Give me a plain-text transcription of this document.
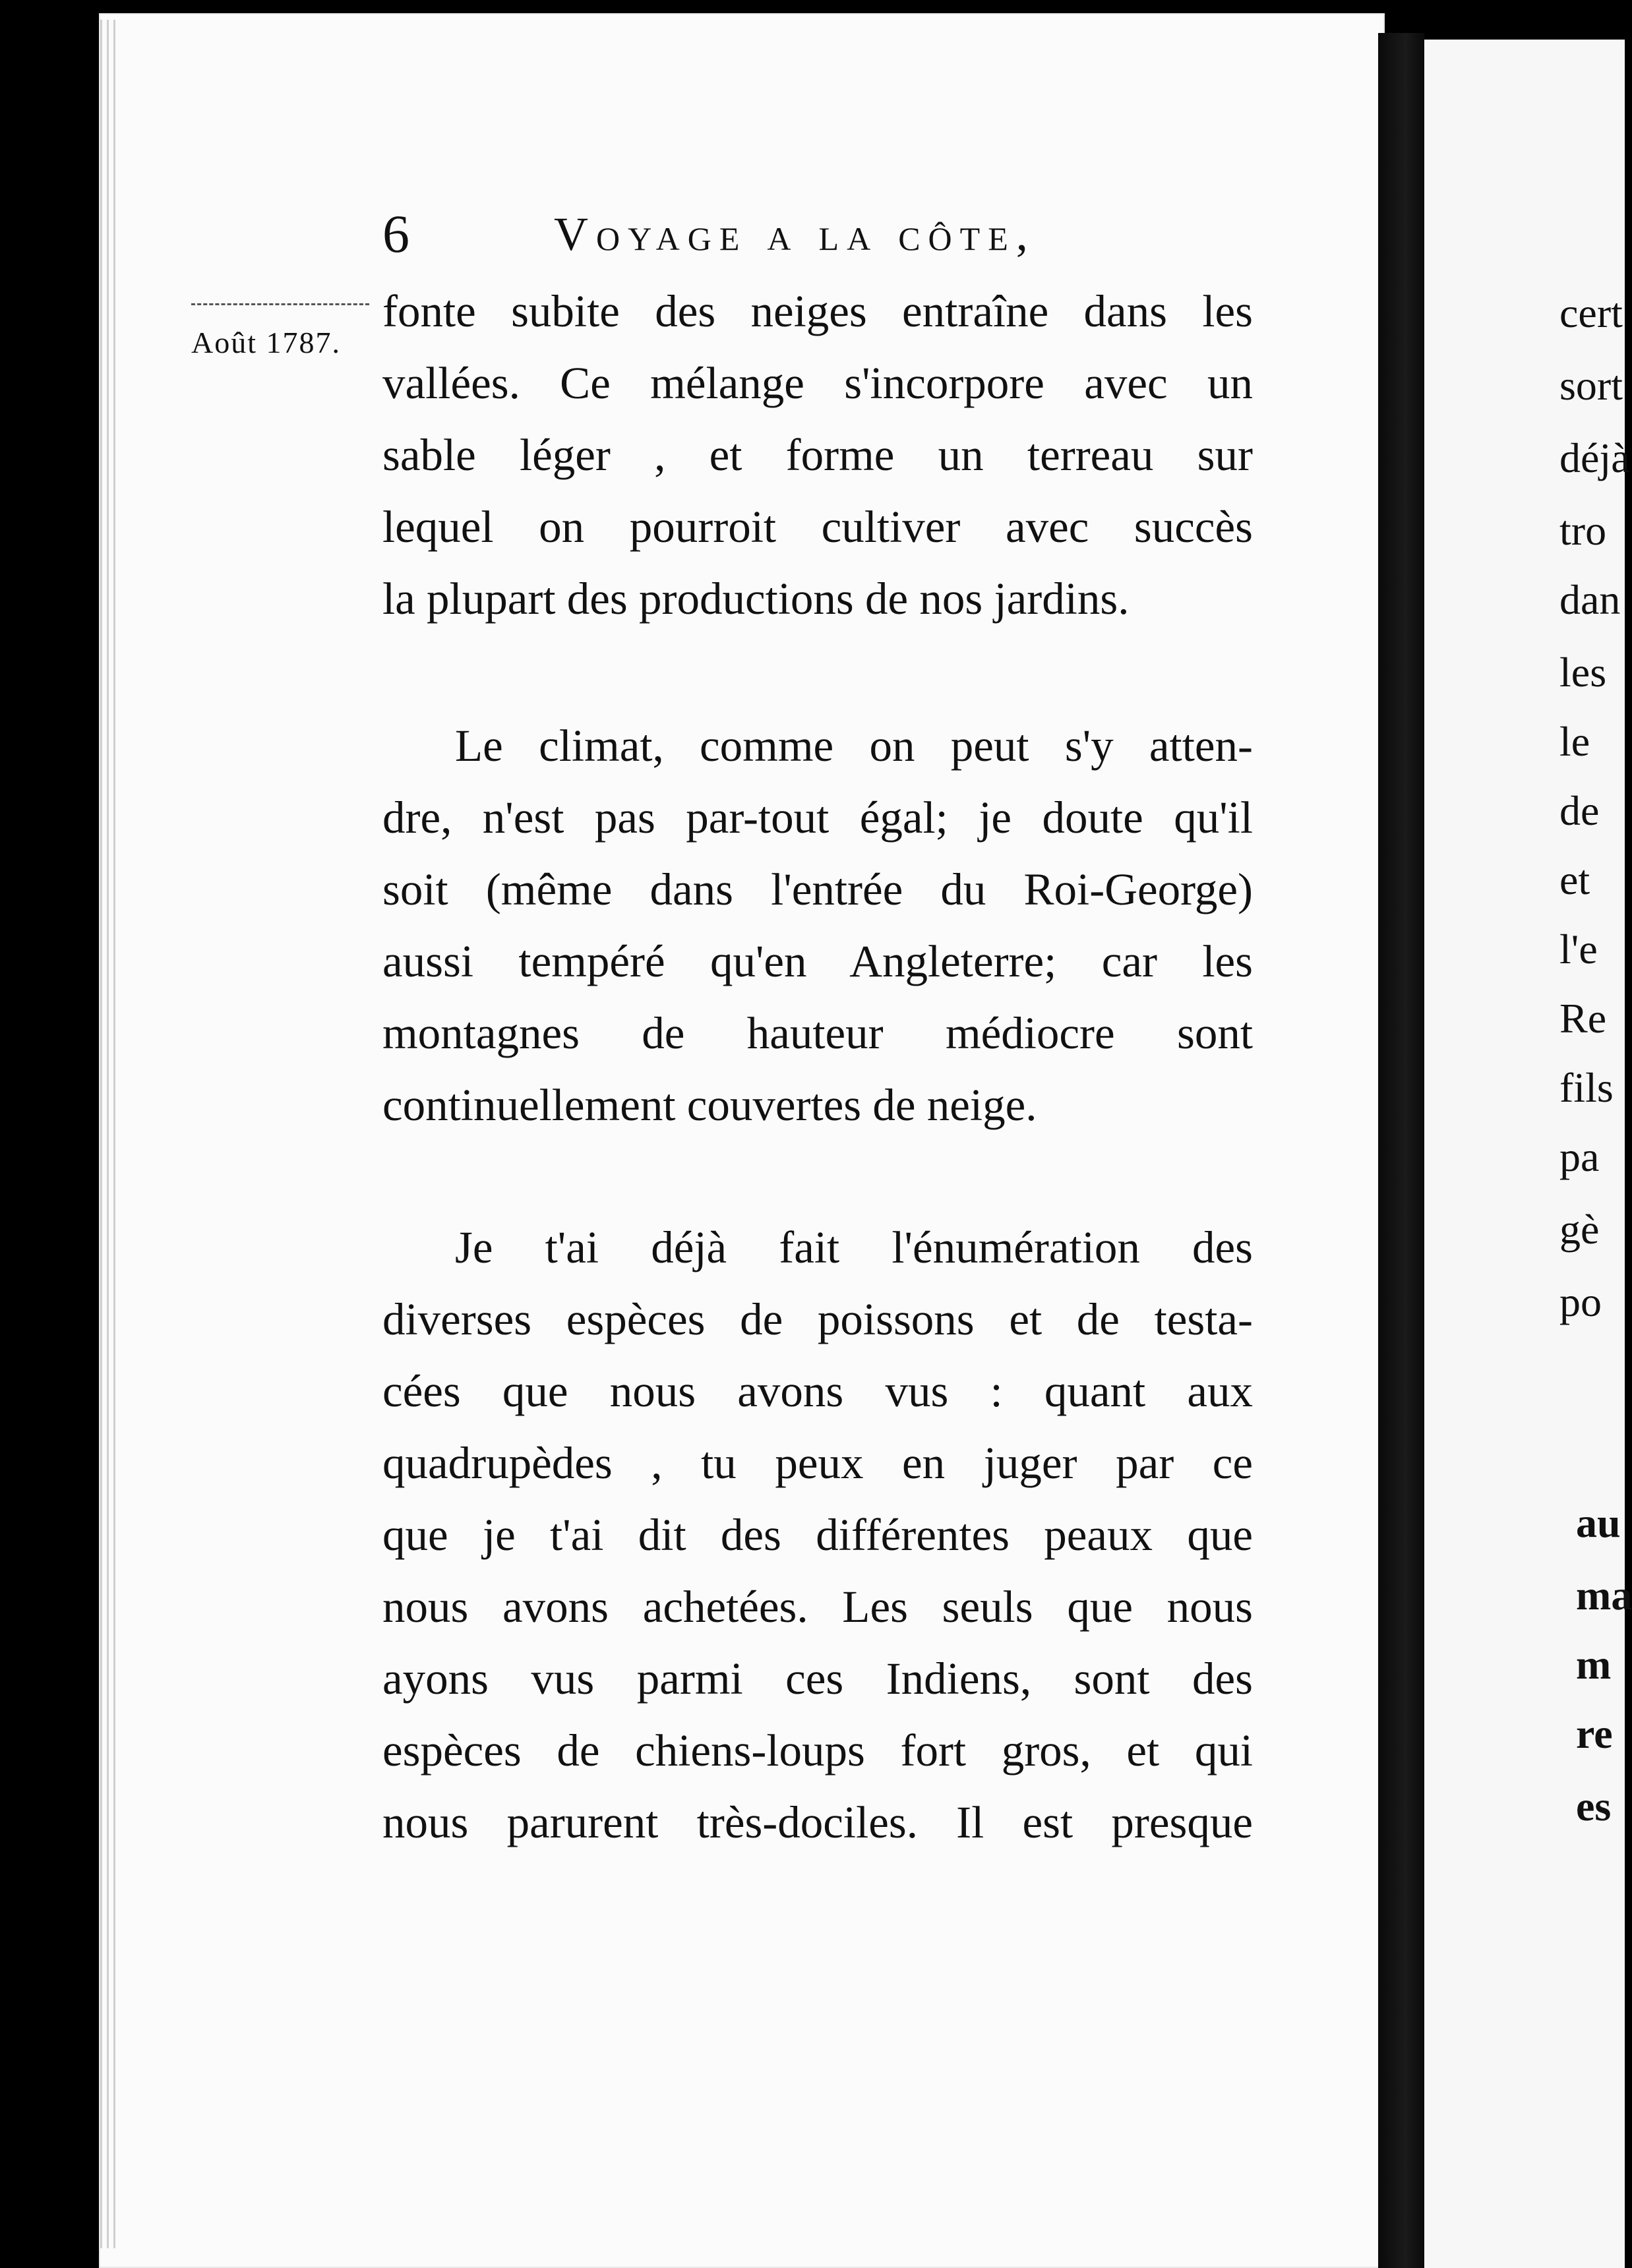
6	Voyage a la côte,
Août 1787.

fonte subite des neiges entraîne dans les
vallées. Ce mélange s'incorpore avec un
sable léger , et forme un terreau sur
lequel on pourroit cultiver avec succès
la plupart des productions de nos jardins.

Le climat, comme on peut s'y atten-
dre, n'est pas par-tout égal; je doute qu'il
soit (même dans l'entrée du Roi-George)
aussi tempéré qu'en Angleterre; car les
montagnes de hauteur médiocre sont
continuellement couvertes de neige.

Je t'ai déjà fait l'énumération des
diverses espèces de poissons et de testa-
cées que nous avons vus : quant aux
quadrupèdes , tu peux en juger par ce
que je t'ai dit des différentes peaux que
nous avons achetées. Les seuls que nous
ayons vus parmi ces Indiens, sont des
espèces de chiens-loups fort gros, et qui
nous parurent très-dociles. Il est presque

cert
sort
déjà
tro
dan
les
le
de
et
l'e
Re
fils
pa
gè
po
au
ma
m
re
es
